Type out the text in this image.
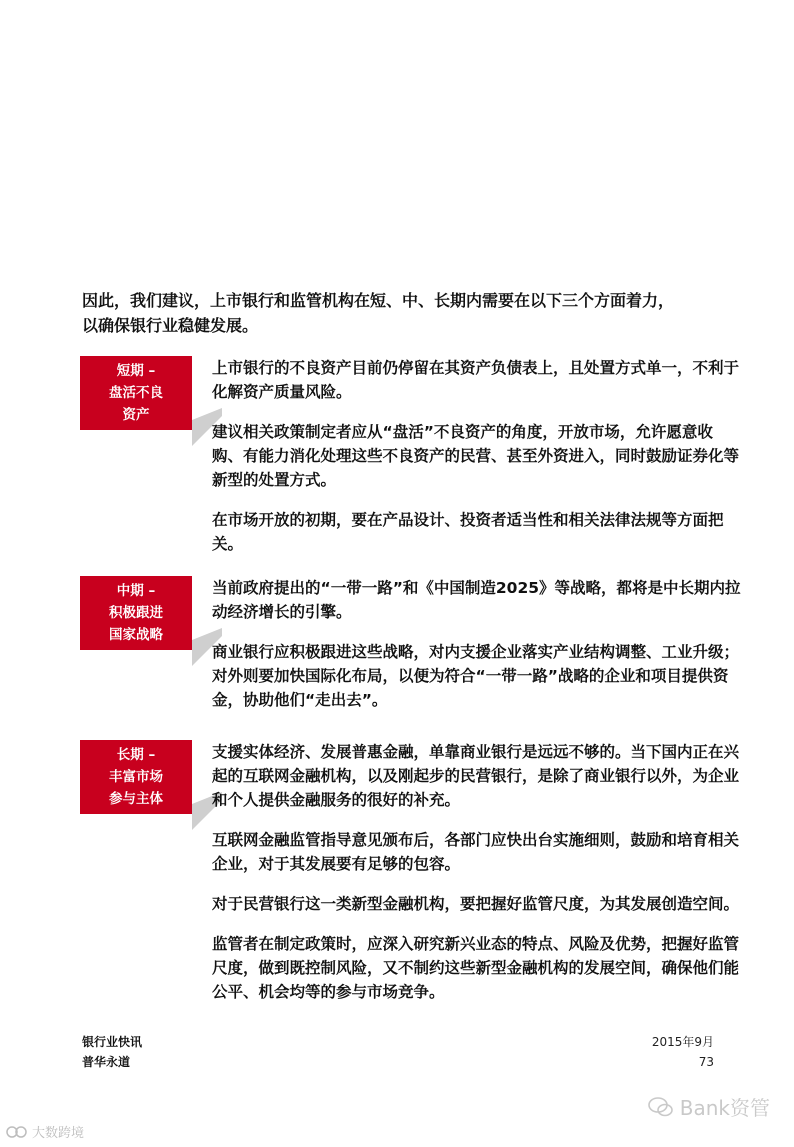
因此，我们建议，上市银行和监管机构在短、中、长期内需要在以下三个方面着力，
以确保银行业稳健发展。
短期 –
盘活不良
资产

上市银行的不良资产目前仍停留在其资产负债表上，且处置方式单一，不利于化解资产质量风险。

建议相关政策制定者应从“盘活”不良资产的角度，开放市场，允许愿意收购、有能力消化处理这些不良资产的民营、甚至外资进入，同时鼓励证券化等新型的处置方式。

在市场开放的初期，要在产品设计、投资者适当性和相关法律法规等方面把关。

中期 –
积极跟进
国家战略

当前政府提出的“一带一路”和《中国制造2025》等战略，都将是中长期内拉动经济增长的引擎。

商业银行应积极跟进这些战略，对内支援企业落实产业结构调整、工业升级；对外则要加快国际化布局，以便为符合“一带一路”战略的企业和项目提供资金，协助他们“走出去”。

长期 –
丰富市场
参与主体

支援实体经济、发展普惠金融，单靠商业银行是远远不够的。当下国内正在兴起的互联网金融机构，以及刚起步的民营银行，是除了商业银行以外，为企业和个人提供金融服务的很好的补充。

互联网金融监管指导意见颁布后，各部门应快出台实施细则，鼓励和培育相关企业，对于其发展要有足够的包容。

对于民营银行这一类新型金融机构，要把握好监管尺度，为其发展创造空间。

监管者在制定政策时，应深入研究新兴业态的特点、风险及优势，把握好监管尺度，做到既控制风险，又不制约这些新型金融机构的发展空间，确保他们能公平、机会均等的参与市场竞争。

银行业快讯
普华永道
2015年9月
73
Bank资管
大数跨境
